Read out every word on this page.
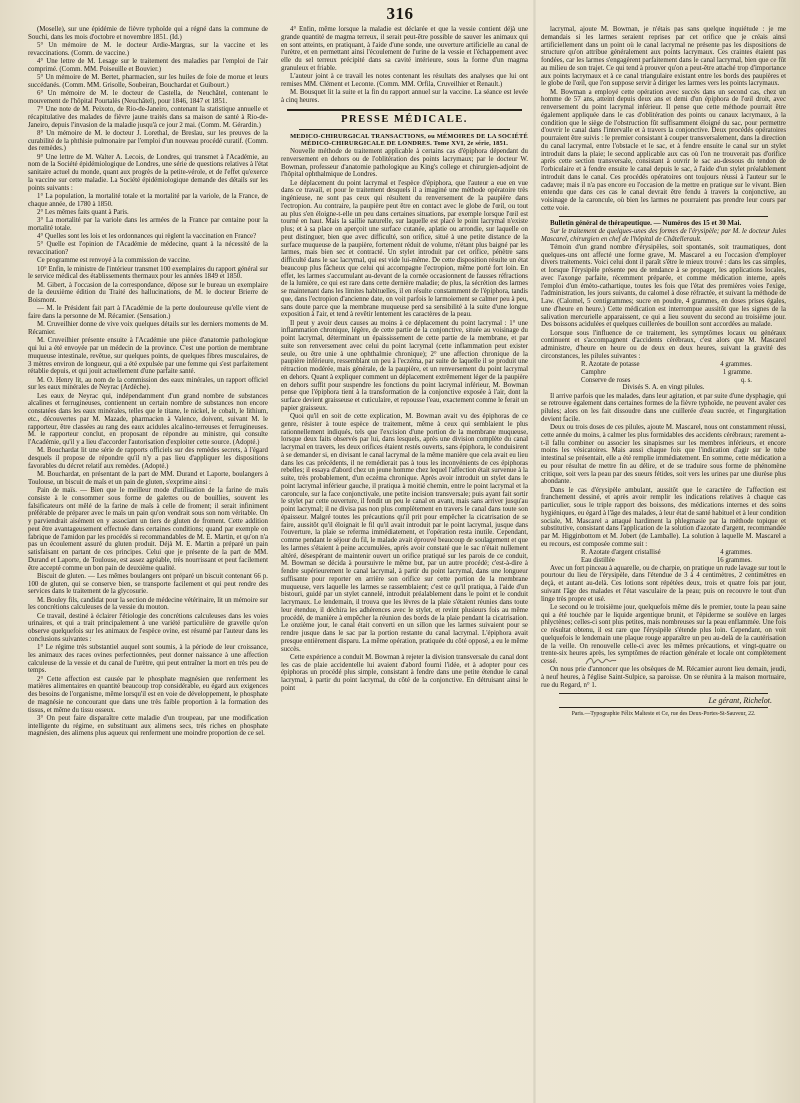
316

(Moselle), sur une épidémie de fièvre typhoïde qui a régné dans la commune de Souchi, dans les mois d'octobre et novembre 1851. (Id.)

5° Un mémoire de M. le docteur Ardie-Margras, sur la vaccine et les revaccinations. (Comm. de vaccine.)

4° Une lettre de M. Lesage sur le traitement des maladies par l'emploi de l'air comprimé. (Comm. MM. Poiseuille et Bouvier.)

5° Un mémoire de M. Bertet, pharmacien, sur les huiles de foie de morue et leurs succédanés. (Comm. MM. Grisolle, Soubeiran, Bouchardat et Guibourt.)

6° Un mémoire de M. le docteur de Castella, de Neuchâtel, contenant le mouvement de l'hôpital Pourtalès (Neuchâtel), pour 1846, 1847 et 1851.

7° Une note de M. Peixoto, de Rio-de-Janeiro, contenant la statistique annuelle et récapitulative des malades de fièvre jaune traités dans sa maison de santé à Rio-de-Janeiro, depuis l'invasion de la maladie jusqu'à ce jour 2 mai. (Comm. M. Gérardin.)

8° Un mémoire de M. le docteur J. Lorethal, de Breslau, sur les preuves de la curabilité de la phthisie pulmonaire par l'emploi d'un nouveau procédé curatif. (Comm. des remèdes.)

9° Une lettre de M. Walter A. Lecois, de Londres, qui transmet à l'Académie, au nom de la Société épidémiologique de Londres, une série de questions relatives à l'état sanitaire actuel du monde, quant aux progrès de la petite-vérole, et de l'effet qu'exerce la vaccine sur cette maladie. La Société épidémiologique demande des détails sur les points suivants :

1° La population, la mortalité totale et la mortalité par la variole, de la France, de chaque année, de 1780 à 1850.

2° Les mêmes faits quant à Paris.

3° La mortalité par la variole dans les armées de la France par centaine pour la mortalité totale.

4° Quelles sont les lois et les ordonnances qui règlent la vaccination en France?

5° Quelle est l'opinion de l'Académie de médecine, quant à la nécessité de la revaccination?

Ce programme est renvoyé à la commission de vaccine.

10° Enfin, le ministre de l'intérieur transmet 100 exemplaires du rapport général sur le service médical des établissements thermaux pour les années 1849 et 1850.

M. Gibert, à l'occasion de la correspondance, dépose sur le bureau un exemplaire de la deuxième édition du Traité des hallucinations, de M. le docteur Brierre de Boismont.

— M. le Président fait part à l'Académie de la perte douloureuse qu'elle vient de faire dans la personne de M. Récamier. (Sensation.)

M. Cruveilhier donne de vive voix quelques détails sur les derniers moments de M. Récamier.

M. Cruveilhier présente ensuite à l'Académie une pièce d'anatomie pathologique qui lui a été envoyée par un médecin de la province. C'est une portion de membrane muqueuse intestinale, revêtue, sur quelques points, de quelques fibres musculaires, de 3 mètres environ de longueur, qui a été expulsée par une femme qui s'est parfaitement rétablie depuis, et qui jouit actuellement d'une parfaite santé.

M. O. Henry lit, au nom de la commission des eaux minérales, un rapport officiel sur les eaux minérales de Neyrac (Ardèche).

Les eaux de Neyrac qui, indépendamment d'un grand nombre de substances alcalines et ferrugineuses, contiennent un certain nombre de substances non encore constatées dans les eaux minérales, telles que le titane, le nickel, le cobalt, le lithium, etc., découvertes par M. Mazade, pharmacien à Valence, doivent, suivant M. le rapporteur, être classées au rang des eaux acidules alcalino-terreuses et ferrugineuses. M. le rapporteur conclut, en proposant de répondre au ministre, qui consulte l'Académie, qu'il y a lieu d'accorder l'autorisation d'exploiter cette source. (Adopté.)

M. Bouchardat lit une série de rapports officiels sur des remèdes secrets, à l'égard desquels il propose de répondre qu'il n'y a pas lieu d'appliquer les dispositions favorables du décret relatif aux remèdes. (Adopté.)

M. Bouchardat, en présentant de la part de MM. Durand et Laporte, boulangers à Toulouse, un biscuit de maïs et un pain de gluten, s'exprime ainsi :

Pain de maïs. — Bien que le meilleur mode d'utilisation de la farine de maïs consiste à le consommer sous forme de galettes ou de bouillies, souvent les falsificateurs ont mêlé de la farine de maïs à celle de froment; il serait infiniment préférable de préparer avec le maïs un pain qu'on vendrait sous son nom véritable. On y parviendrait aisément en y associant un tiers de gluten de froment. Cette addition peut être avantageusement effectuée dans certaines conditions; quand par exemple on fabrique de l'amidon par les procédés si recommandables de M. E. Martin, et qu'on n'a pas un écoulement assuré du gluten produit. Déjà M. E. Martin a préparé un pain satisfaisant en partant de ces principes. Celui que je présente de la part de MM. Durand et Laporte, de Toulouse, est assez agréable, très nourrissant et peut facilement être accepté comme un bon pain de deuxième qualité.

Biscuit de gluten. — Les mêmes boulangers ont préparé un biscuit contenant 66 p. 100 de gluten, qui se conserve bien, se transporte facilement et qui peut rendre des services dans le traitement de la glycosurie.

M. Bouley fils, candidat pour la section de médecine vétérinaire, lit un mémoire sur les concrétions calculeuses de la vessie du mouton.

Ce travail, destiné à éclairer l'étiologie des concrétions calculeuses dans les voies urinaires, et qui a trait principalement à une variété particulière de gravelle qu'on observe quelquefois sur les animaux de l'espèce ovine, est résumé par l'auteur dans les conclusions suivantes :

1° Le régime très substantiel auquel sont soumis, à la période de leur croissance, les animaux des races ovines perfectionnées, peut donner naissance à une affection calculeuse de la vessie et du canal de l'urètre, qui peut entraîner la mort en très peu de temps.

2° Cette affection est causée par le phosphate magnésien que renferment les matières alimentaires en quantité beaucoup trop considérable, eu égard aux exigences des besoins de l'organisme, même lorsqu'il est en voie de développement, le phosphate de magnésie ne concourant que dans une très faible proportion à la formation des tissus, et même du tissu osseux.

3° On peut faire disparaître cette maladie d'un troupeau, par une modification intelligente du régime, en substituant aux alimens secs, très riches en phosphate magnésien, des alimens plus aqueux qui renferment une moindre proportion de ce sel.

4° Enfin, même lorsque la maladie est déclarée et que la vessie contient déjà une grande quantité de magma terreux, il serait peut-être possible de sauver les animaux qui en sont atteints, en pratiquant, à l'aide d'une sonde, une ouverture artificielle au canal de l'urètre, et en permettant ainsi l'écoulement de l'urine de la vessie et l'échappement avec elle du sel terreux précipité dans sa cavité intérieure, sous la forme d'un magma granuleux et friable.

L'auteur joint à ce travail les notes contenant les résultats des analyses que lui ont remises MM. Clément et Leconte. (Comm. MM. Orfila, Cruveilhier et Renault.)

M. Bousquet lit la suite et la fin du rapport annuel sur la vaccine. La séance est levée à cinq heures.

PRESSE MÉDICALE.

MEDICO-CHIRURGICAL TRANSACTIONS, ou MÉMOIRES DE LA SOCIÉTÉ MÉDICO-CHIRURGICALE DE LONDRES. Tome XVI, 2e série, 1851.

Nouvelle méthode de traitement applicable à certains cas d'épiphora dépendant du renversement en dehors ou de l'oblitération des points lacrymaux; par le docteur W. Bowman, professeur d'anatomie pathologique au King's college et chirurgien-adjoint de l'hôpital ophthalmique de Londres.

Le déplacement du point lacrymal et l'espèce d'épiphora, que l'auteur a eue en vue dans ce travail, et pour le traitement desquels il a imaginé une méthode opératoire très ingénieuse, ne sont pas ceux qui résultent du renversement de la paupière dans l'ectropion. Au contraire, la paupière peut être en contact avec le globe de l'œil, ou tout au plus s'en éloigne-t-elle un peu dans certaines situations, par exemple lorsque l'œil est tourné en haut. Mais la saillie naturelle, sur laquelle est placé le point lacrymal n'existe plus; et à sa place on aperçoit une surface cutanée, aplatie ou arrondie, sur laquelle on peut distinguer, bien que avec difficulté, son orifice, situé à une petite distance de la surface muqueuse de la paupière, fortement réduit de volume, n'étant plus baigné par les larmes, mais bien sec et contracté. Un stylet introduit par cet orifice, pénètre sans difficulté dans le sac lacrymal, qui est vide lui-même. De cette disposition résulte un état beaucoup plus fâcheux que celui qui accompagne l'ectropion, même porté fort loin. En effet, les larmes s'accumulant au-devant de la cornée occasionnent de fausses réfractions de la lumière, ce qui est rare dans cette dernière maladie; de plus, la sécrétion des larmes se maintenant dans les limites habituelles, il en résulte constamment de l'épiphora, tandis que, dans l'ectropion d'ancienne date, on voit parfois le larmoiement se calmer peu à peu, sans doute parce que la membrane muqueuse perd sa sensibilité à la suite d'une longue exposition à l'air, et tend à revêtir lentement les caractères de la peau.

Il peut y avoir deux causes au moins à ce déplacement du point lacrymal : 1° une inflammation chronique, légère, de cette partie de la conjonctive, située au voisinage du point lacrymal, déterminant un épaississement de cette partie de la membrane, et par suite son renversement avec celui du point lacrymal (cette inflammation peut exister seule, ou être unie à une ophthalmie chronique); 2° une affection chronique de la paupière inférieure, ressemblant un peu à l'eczéma, par suite de laquelle il se produit une rétraction modérée, mais générale, de la paupière, et un renversement du point lacrymal en dehors. Quant à expliquer comment un déplacement extrêmement léger de la paupière en dehors suffit pour suspendre les fonctions du point lacrymal inférieur, M. Bowman pense que l'épiphora tient à la transformation de la conjonctive exposée à l'air, dont la surface devient graisseuse et cuticulaire, et repousse l'eau, exactement comme le ferait un papier graisseux.

Quoi qu'il en soit de cette explication, M. Bowman avait vu des épiphoras de ce genre, résister à toute espèce de traitement, même à ceux qui semblaient le plus rationnellement indiqués, tels que l'excision d'une portion de la membrane muqueuse, lorsque deux faits observés par lui, dans lesquels, après une division complète du canal lacrymal en travers, les deux orifices étaient restés ouverts, sans épiphora, le conduisirent à se demander si, en divisant le canal lacrymal de la même manière que cela avait eu lieu dans les cas précédents, il ne remédierait pas à tous les inconvénients de ces épiphoras rebelles; il essaya d'abord chez un jeune homme chez lequel l'affection était survenue à la suite, très probablement, d'un eczéma chronique. Après avoir introduit un stylet dans le point lacrymal inférieur gauche, il pratiqua à moitié chemin, entre le point lacrymal et la caroncule, sur la face conjonctivale, une petite incision transversale; puis ayant fait sortir le stylet par cette ouverture, il fendit un peu le canal en avant, mais sans arriver jusqu'au point lacrymal; il ne divisa pas non plus complètement en travers le canal dans toute son épaisseur. Malgré toutes les précautions qu'il prit pour empêcher la cicatrisation de se faire, aussitôt qu'il éloignait le fil qu'il avait introduit par le point lacrymal, jusque dans l'ouverture, la plaie se referma immédiatement, et l'opération resta inutile. Cependant, comme pendant le séjour du fil, le malade avait éprouvé beaucoup de soulagement et que les larmes s'étaient à peine accumulées, après avoir constaté que le sac n'était nullement altéré, désespérant de maintenir ouvert un orifice pratiqué sur les parois de ce conduit, M. Bowman se décida à poursuivre le même but, par un autre procédé; c'est-à-dire à fendre supérieurement le canal lacrymal, à partir du point lacrymal, dans une longueur suffisante pour reporter en arrière son orifice sur cette portion de la membrane muqueuse, vers laquelle les larmes se rassemblaient; c'est ce qu'il pratiqua, à l'aide d'un bistouri, guidé par un stylet cannelé, introduit préalablement dans le point et le conduit lacrymaux. Le lendemain, il trouva que les lèvres de la plaie s'étaient réunies dans toute leur étendue, il déchira les adhérences avec le stylet, et revint plusieurs fois au même procédé, de manière à empêcher la réunion des bords de la plaie pendant la cicatrisation. Le onzième jour, le canal était converti en un sillon que les larmes suivaient pour se rendre jusque dans le sac par la portion restante du canal lacrymal. L'épiphora avait presque entièrement disparu. La même opération, pratiquée du côté opposé, a eu le même succès.

Cette expérience a conduit M. Bowman à rejeter la division transversale du canal dont les cas de plaie accidentelle lui avaient d'abord fourni l'idée, et à adopter pour ces épiphoras un procédé plus simple, consistant à fendre dans une petite étendue le canal lacrymal, à partir du point lacrymal, du côté de la conjonctive. En détruisant ainsi le point

lacrymal, ajoute M. Bowman, je n'étais pas sans quelque inquiétude : je me demandais si les larmes seraient reprises par cet orifice que je créais ainsi artificiellement dans un point où le canal lacrymal ne présente pas les dispositions de structure qu'on attribue généralement aux points lacrymaux. Ces craintes étaient pas fondées, car les larmes s'engagèrent parfaitement dans le canal lacrymal, bien que ce fût au milieu de son trajet. Ce qui tend à prouver qu'on a peut-être attaché trop d'importance aux points lacrymaux et à ce canal triangulaire existant entre les bords des paupières et le globe de l'œil, que l'on suppose servir à diriger les larmes vers les points lacrymaux.

M. Bowman a employé cette opération avec succès dans un second cas, chez un homme de 57 ans, atteint depuis deux ans et demi d'un épiphora de l'œil droit, avec renversement du point lacrymal inférieur. Il pense que cette méthode pourrait être également appliquée dans le cas d'oblitération des points ou canaux lacrymaux, à la condition que le siège de l'obstruction fût suffisamment éloigné du sac, pour permettre d'ouvrir le canal dans l'intervalle et à travers la conjonctive. Deux procédés opératoires pourraient être suivis : le premier consistant à couper transversalement, dans la direction du canal lacrymal, entre l'obstacle et le sac, et à fendre ensuite le canal sur un stylet introduit dans la plaie; le second applicable aux cas où l'on ne trouverait pas d'orifice après cette section transversale, consistant à ouvrir le sac au-dessous du tendon de l'orbiculaire et à fendre ensuite le canal depuis le sac, à l'aide d'un stylet préalablement introduit dans le canal. Ces procédés opératoires ont toujours réussi à l'auteur sur le cadavre; mais il n'a pas encore eu l'occasion de la mettre en pratique sur le vivant. Bien entendu que dans ces cas le canal devrait être fendu à travers la conjonctive, au voisinage de la caroncule, où bien les larmes ne pourraient pas prendre leur cours par cette voie.

Bulletin général de thérapeutique. — Numéros des 15 et 30 Mai.

Sur le traitement de quelques-unes des formes de l'érysipèle; par M. le docteur Jules Mascarel, chirurgien en chef de l'hôpital de Châtellerault.

Témoin d'un grand nombre d'érysipèles, soit spontanés, soit traumatiques, dont quelques-uns ont affecté une forme grave, M. Mascarel a eu l'occasion d'employer divers traitements. Voici celui dont il paraît s'être le mieux trouvé : dans les cas simples, et lorsque l'érysipèle présente peu de tendance à se propager, les applications locales, avec l'axonge parfaite, récemment préparée, et comme médication interne, après l'emploi d'un émèto-cathartique, toutes les fois que l'état des premières voies l'exige, l'administration, les jours suivants, du calomel à dose réfractée, et suivant la méthode de Law. (Calomel, 5 centigrammes; sucre en poudre, 4 grammes, en doses prises égales, une d'heure en heure.) Cette médication est interrompue aussitôt que les signes de la salivation mercurielle apparaissent, ce qui a lieu souvent du second au troisième jour. Des boissons acidulées et quelques cuillerées de bouillon sont accordées au malade.

Lorsque sous l'influence de ce traitement, les symptômes locaux ou généraux continuent et s'accompagnent d'accidents cérébraux, c'est alors que M. Mascarel administre, d'heure en heure ou de deux en deux heures, suivant la gravité des circonstances, les pilules suivantes :

R. Azotate de potasse	4 grammes.
Camphre	1 gramme.
Conserve de roses	q. s.

Divisés S. A. en vingt pilules.

Il arrive parfois que les malades, dans leur agitation, et par suite d'une dysphagie, qui se retrouve également dans certaines formes de la fièvre typhoïde, ne peuvent avaler ces pilules; alors on les fait dissoudre dans une cuillerée d'eau sucrée, et l'ingurgitation devient facile.

Deux ou trois doses de ces pilules, ajoute M. Mascarel, nous ont constamment réussi, cette année du moins, à calmer les plus formidables des accidents cérébraux; rarement a-t-il fallu combiner ou associer les sinapismes sur les membres inférieurs, et encore moins les vésicatoires. Mais aussi chaque fois que l'indication d'agir sur le tube intestinal se présentait, elle a été remplie immédiatement. En somme, cette médication a eu pour résultat de mettre fin au délire, et de se traduire sous forme de phénomène critique, soit vers la peau par des sueurs fétides, soit vers les urines par une diurèse plus abondante.

Dans le cas d'érysipèle ambulant, aussitôt que le caractère de l'affection est franchement dessiné, et après avoir remplir les indications relatives à chaque cas particulier, sous le triple rapport des boissons, des médications internes et des soins hygiéniques, eu égard à l'âge des malades, à leur état de santé habituel et à leur condition sociale, M. Mascarel a attaqué hardiment la phlegmasie par la méthode topique et substitutive, consistant dans l'application de la solution d'azotate d'argent, recommandée par M. Higginbottom et M. Jobert (de Lamballe). La solution à laquelle M. Mascarel a eu recours, est composée comme suit :

R. Azotate d'argent cristallisé	4 grammes.
Eau distillée	16 grammes.

Avec un fort pinceau à aquarelle, ou de charpie, on pratique un rude lavage sur tout le pourtour du lieu de l'érysipèle, dans l'étendue de 3 à 4 centimètres, 2 centimètres en deçà, et autant au-delà. Ces lotions sont répétées deux, trois et quatre fois par jour, suivant l'âge des malades et l'état vasculaire de la peau; puis on recouvre le tout d'un linge très propre et usé.

Le second ou le troisième jour, quelquefois même dès le premier, toute la peau saine qui a été touchée par le liquide argentique brunit, et l'épiderme se soulève en larges phlyctènes; celles-ci sont plus petites, mais nombreuses sur la peau enflammée. Une fois ce résultat obtenu, il est rare que l'érysipèle s'étende plus loin. Cependant, on voit quelquefois le lendemain une plaque rouge apparaître un peu au-delà de la cautérisation de la veille. On renouvelle celle-ci avec les mêmes précautions, et vingt-quatre ou trente-six heures après, les symptômes de réaction générale et locale ont complètement cessé.

On nous prie d'annoncer que les obsèques de M. Récamier auront lieu demain, jeudi, à neuf heures, à l'église Saint-Sulpice, sa paroisse. On se réunira à la maison mortuaire, rue du Regard, n° 1.

Le gérant, Richelot.
Paris.—Typographie Félix Malteste et Ce, rue des Deux-Portes-St-Sauveur, 22.
